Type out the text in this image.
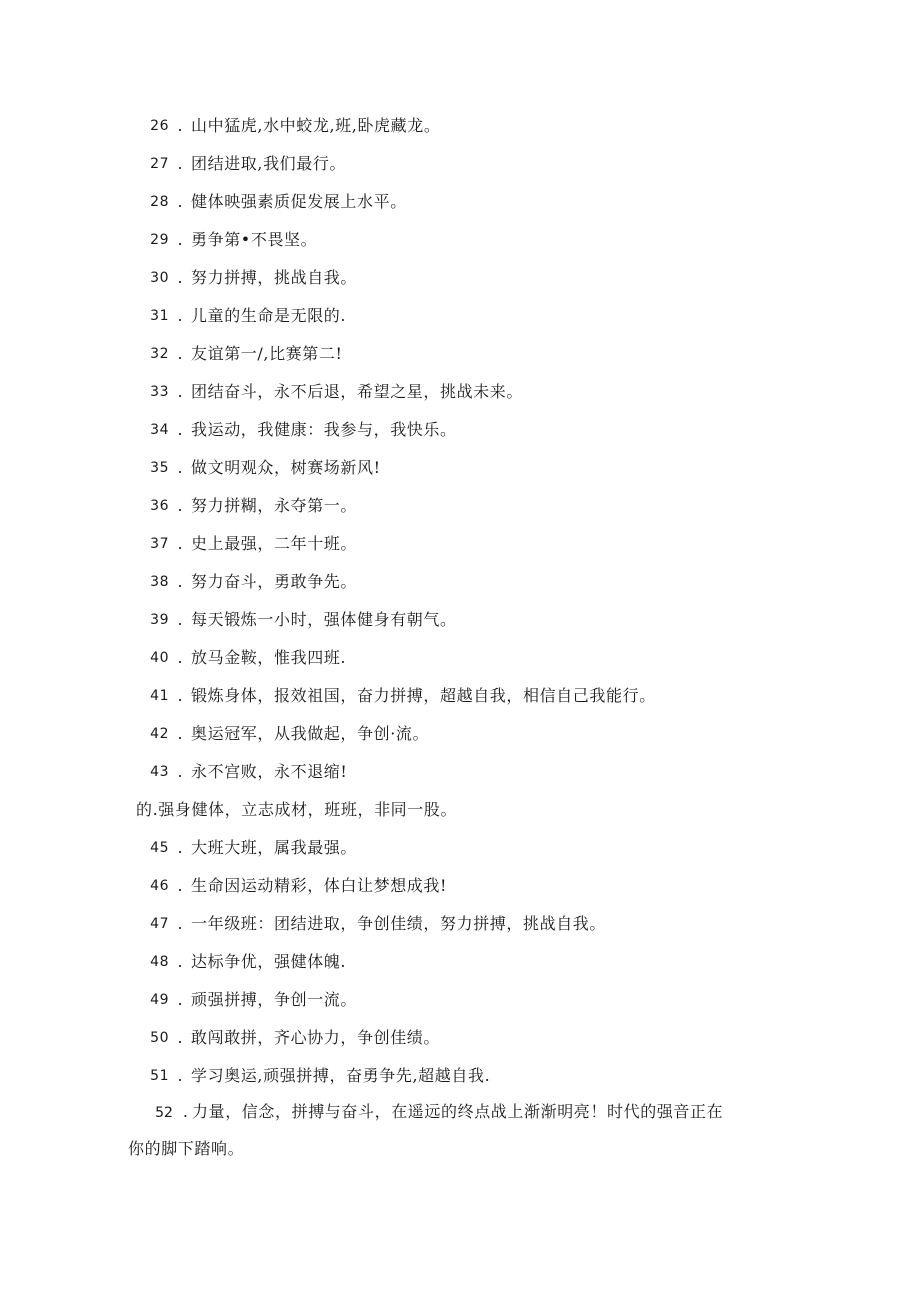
26 . 山中猛虎,水中蛟龙,班,卧虎藏龙。
27 . 团结进取,我们最行。
28 . 健体映强素质促发展上水平。
29 . 勇争第•不畏坚。
30 . 努力拼搏，挑战自我。
31 . 儿童的生命是无限的.
32 . 友谊第一/,比赛第二!
33 . 团结奋斗，永不后退，希望之星，挑战未来。
34 . 我运动，我健康：我参与，我快乐。
35 . 做文明观众，树赛场新风!
36 . 努力拼糊，永夺第一。
37 . 史上最强，二年十班。
38 . 努力奋斗，勇敢争先。
39 . 每天锻炼一小时，强体健身有朝气。
40 . 放马金鞍，惟我四班.
41 . 锻炼身体，报效祖国，奋力拼搏，超越自我，相信自己我能行。
42 . 奥运冠军，从我做起，争创·流。
43 . 永不宫败，永不退缩!
的.强身健体，立志成材，班班，非同一股。
45 . 大班大班，属我最强。
46 . 生命因运动精彩，体白让梦想成我!
47 . 一年级班：团结进取，争创佳绩，努力拼搏，挑战自我。
48 . 达标争优，强健体魄.
49 . 顽强拼搏，争创一流。
50 . 敢闯敢拼，齐心协力，争创佳绩。
51 . 学习奥运,顽强拼搏，奋勇争先,超越自我.
52 . 力量，信念，拼搏与奋斗，在遥远的终点战上渐渐明亮！时代的强音正在你的脚下踏响。
